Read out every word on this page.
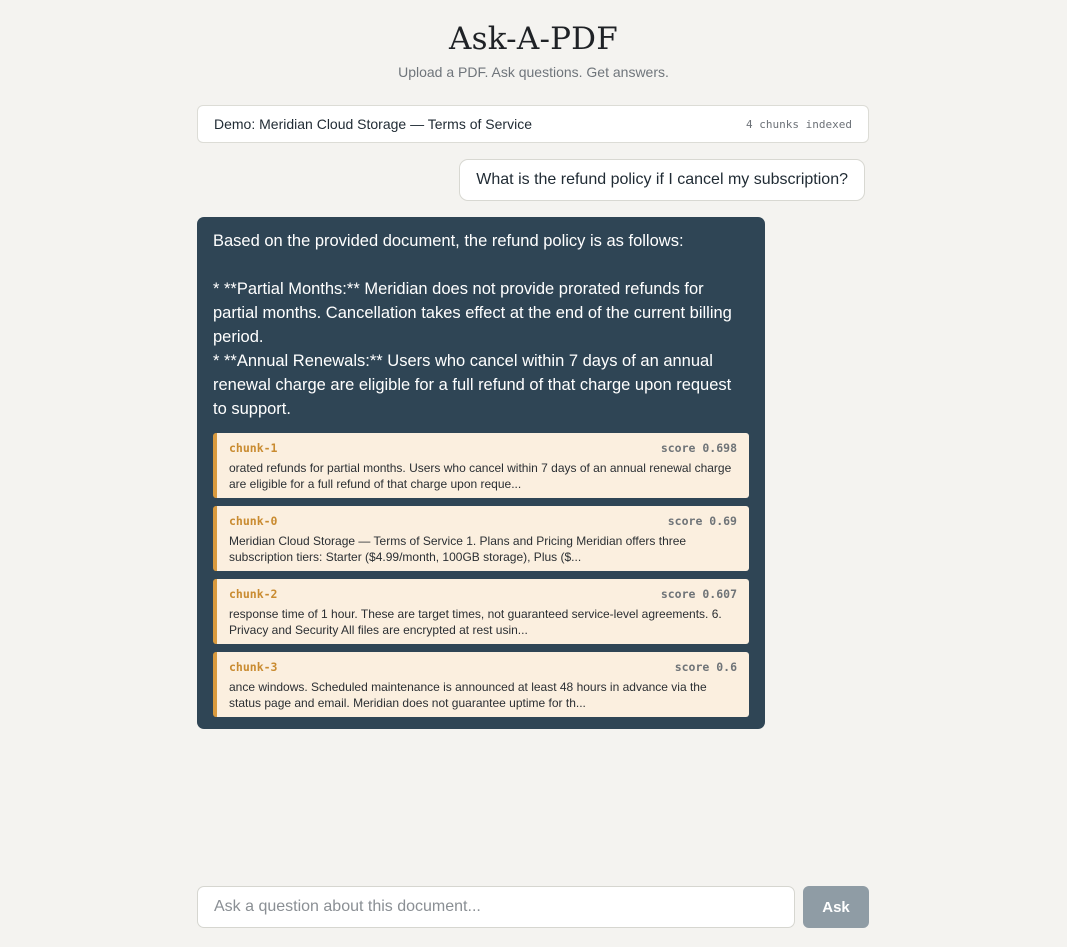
Ask-A-PDF

Upload a PDF. Ask questions. Get answers.

Demo: Meridian Cloud Storage — Terms of Service	4 chunks indexed
What is the refund policy if I cancel my subscription?
Based on the provided document, the refund policy is as follows:

* **Partial Months:** Meridian does not provide prorated refunds for partial months. Cancellation takes effect at the end of the current billing period.
* **Annual Renewals:** Users who cancel within 7 days of an annual renewal charge are eligible for a full refund of that charge upon request to support.
chunk-1	score 0.698
orated refunds for partial months. Users who cancel within 7 days of an annual renewal charge are eligible for a full refund of that charge upon reque...
chunk-0	score 0.69
Meridian Cloud Storage — Terms of Service 1. Plans and Pricing Meridian offers three subscription tiers: Starter ($4.99/month, 100GB storage), Plus ($...
chunk-2	score 0.607
response time of 1 hour. These are target times, not guaranteed service-level agreements. 6. Privacy and Security All files are encrypted at rest usin...
chunk-3	score 0.6
ance windows. Scheduled maintenance is announced at least 48 hours in advance via the status page and email. Meridian does not guarantee uptime for th...
Ask a question about this document...
Ask
